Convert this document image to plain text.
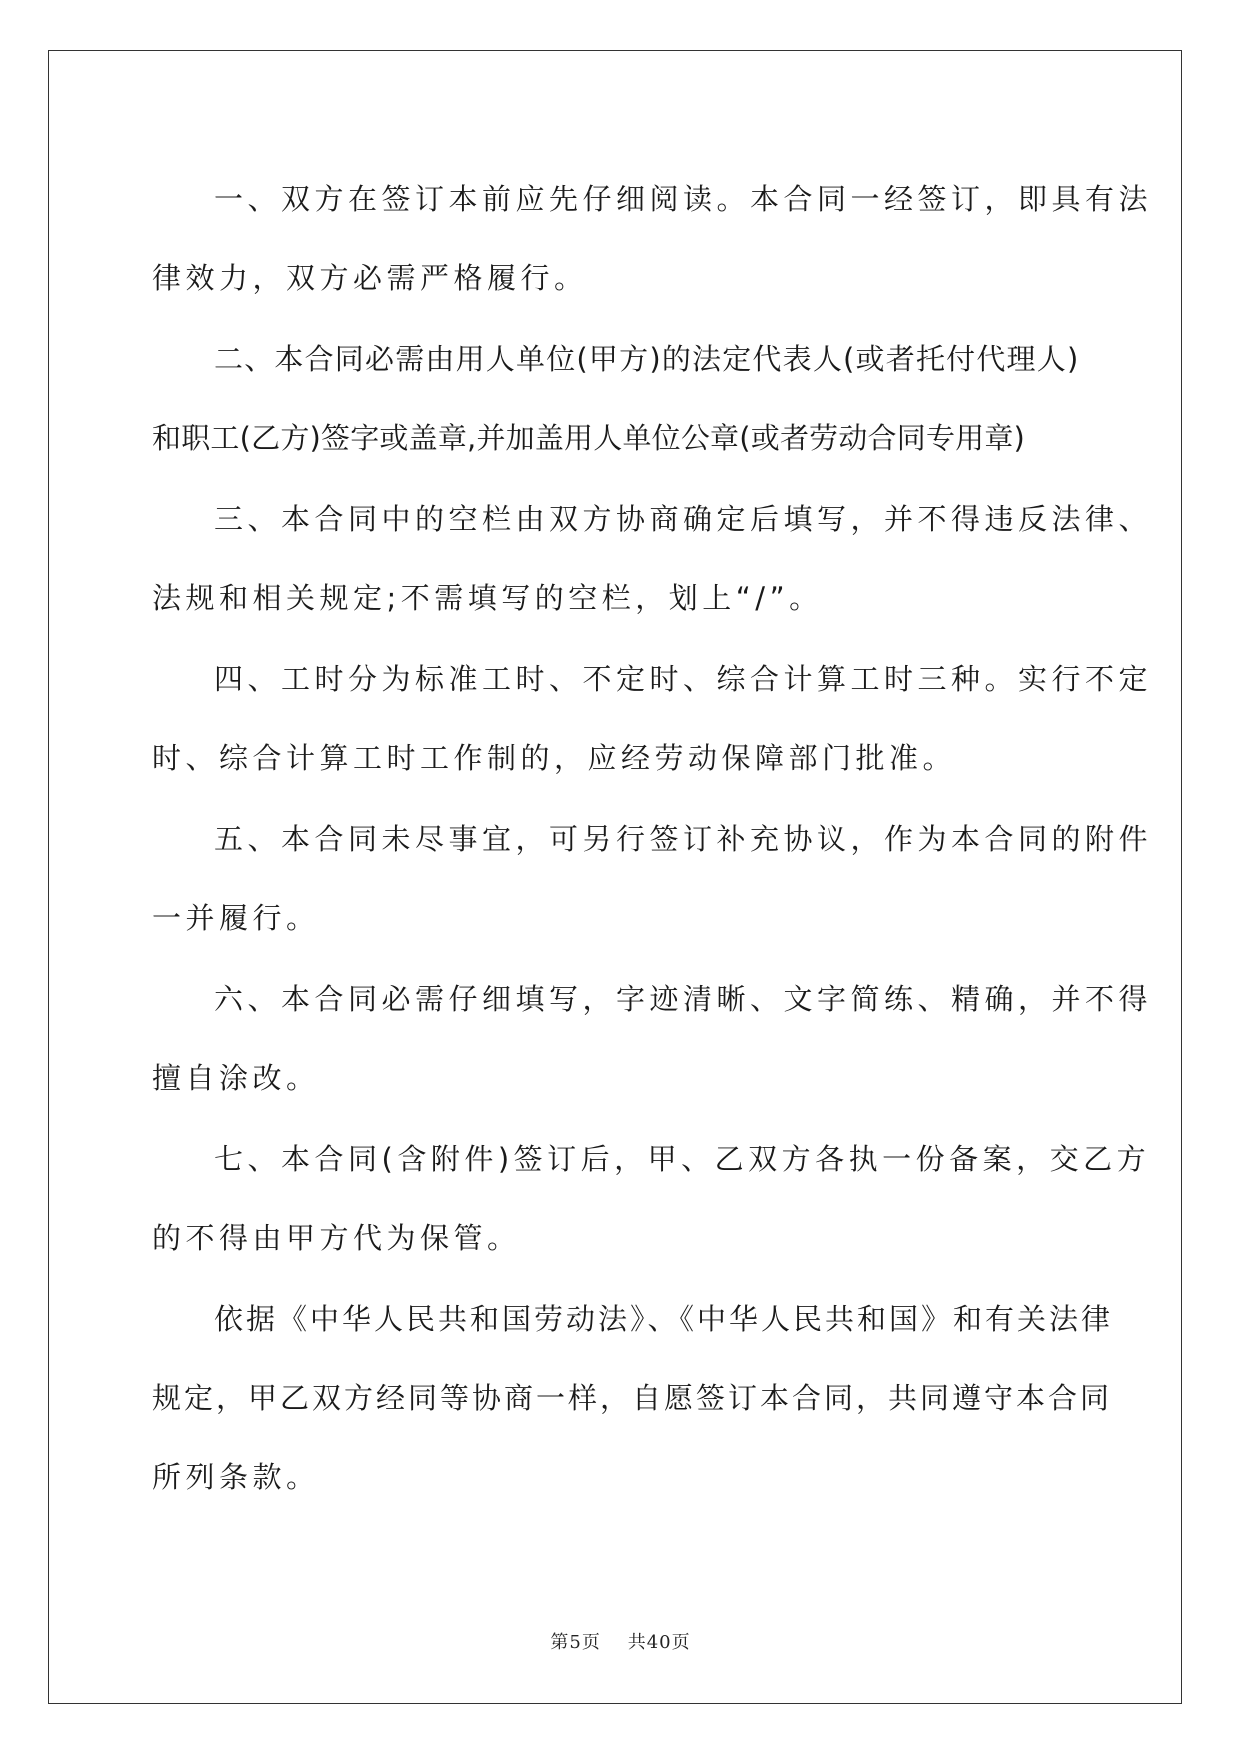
一、双方在签订本前应先仔细阅读。本合同一经签订，即具有法
律效力，双方必需严格履行。

二、本合同必需由用人单位(甲方)的法定代表人(或者托付代理人)
和职工(乙方)签字或盖章,并加盖用人单位公章(或者劳动合同专用章)

三、本合同中的空栏由双方协商确定后填写，并不得违反法律、
法规和相关规定;不需填写的空栏，划上“/”。

四、工时分为标准工时、不定时、综合计算工时三种。实行不定
时、综合计算工时工作制的，应经劳动保障部门批准。

五、本合同未尽事宜，可另行签订补充协议，作为本合同的附件
一并履行。

六、本合同必需仔细填写，字迹清晰、文字简练、精确，并不得
擅自涂改。

七、本合同(含附件)签订后，甲、乙双方各执一份备案，交乙方
的不得由甲方代为保管。

依据《中华人民共和国劳动法》、《中华人民共和国》和有关法律
规定，甲乙双方经同等协商一样，自愿签订本合同，共同遵守本合同
所列条款。

第5页 共40页
